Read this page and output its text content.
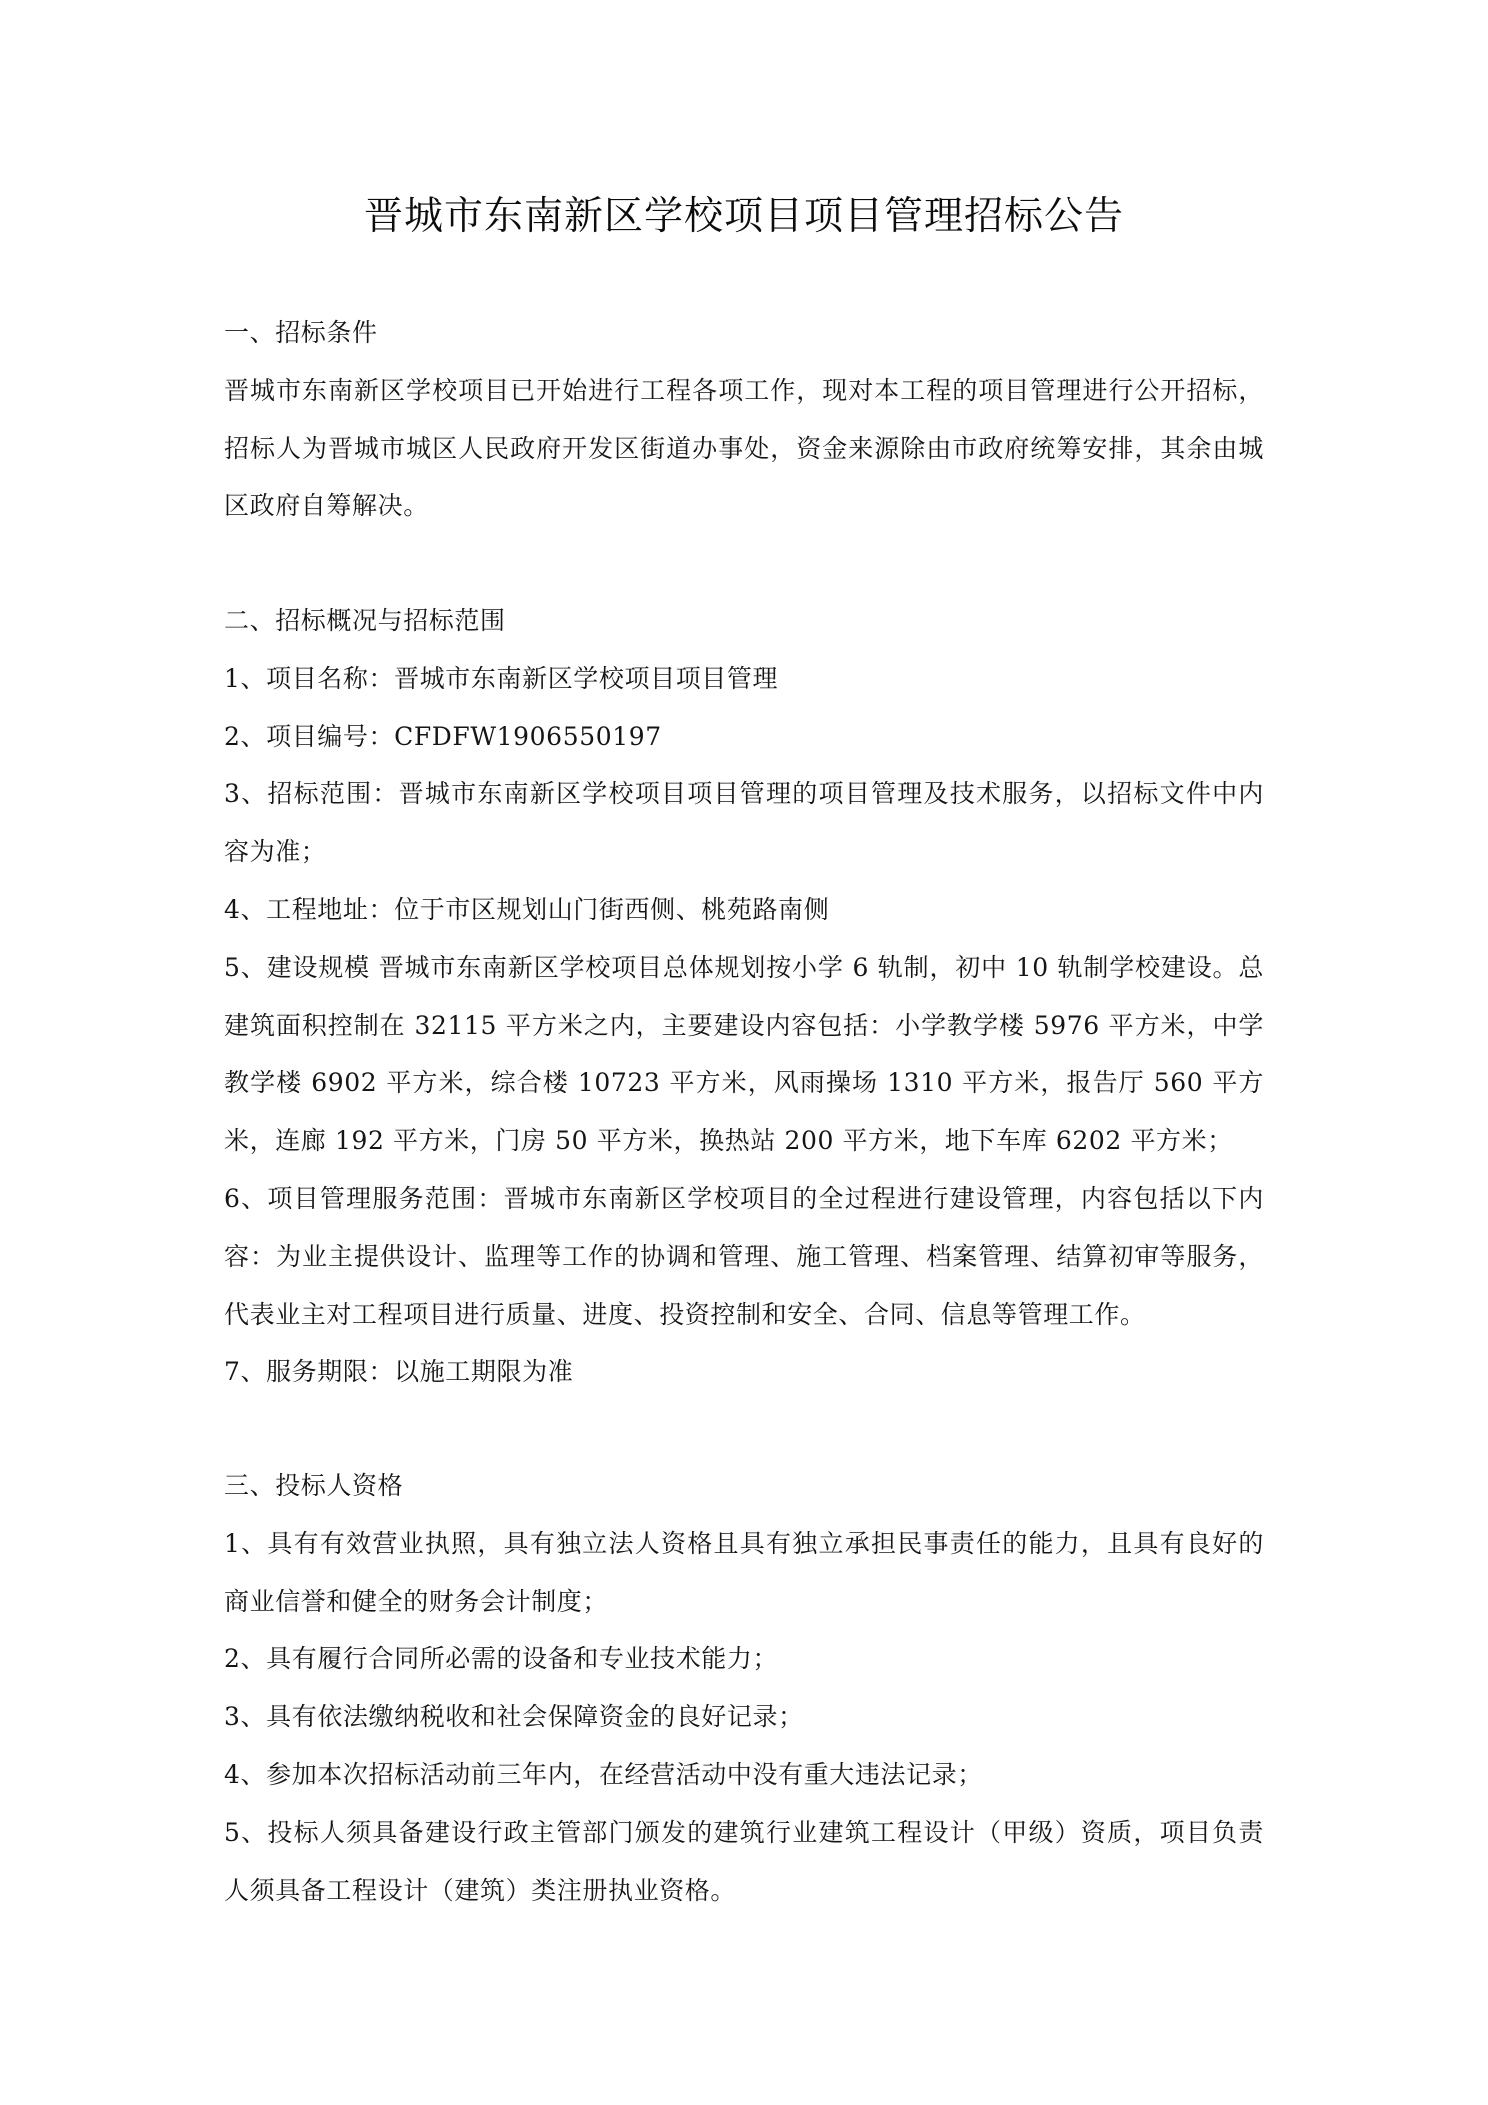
晋城市东南新区学校项目项目管理招标公告
一、招标条件
晋城市东南新区学校项目已开始进行工程各项工作，现对本工程的项目管理进行公开招标，招标人为晋城市城区人民政府开发区街道办事处，资金来源除由市政府统筹安排，其余由城区政府自筹解决。
二、招标概况与招标范围
1、项目名称：晋城市东南新区学校项目项目管理
2、项目编号：CFDFW1906550197
3、招标范围：晋城市东南新区学校项目项目管理的项目管理及技术服务，以招标文件中内容为准；
4、工程地址：位于市区规划山门街西侧、桃苑路南侧
5、建设规模 晋城市东南新区学校项目总体规划按小学 6 轨制，初中 10 轨制学校建设。总建筑面积控制在 32115 平方米之内，主要建设内容包括：小学教学楼 5976 平方米，中学教学楼 6902 平方米，综合楼 10723 平方米，风雨操场 1310 平方米，报告厅 560 平方米，连廊 192 平方米，门房 50 平方米，换热站 200 平方米，地下车库 6202 平方米；
6、项目管理服务范围：晋城市东南新区学校项目的全过程进行建设管理，内容包括以下内容：为业主提供设计、监理等工作的协调和管理、施工管理、档案管理、结算初审等服务，代表业主对工程项目进行质量、进度、投资控制和安全、合同、信息等管理工作。
7、服务期限：以施工期限为准
三、投标人资格
1、具有有效营业执照，具有独立法人资格且具有独立承担民事责任的能力，且具有良好的商业信誉和健全的财务会计制度；
2、具有履行合同所必需的设备和专业技术能力；
3、具有依法缴纳税收和社会保障资金的良好记录；
4、参加本次招标活动前三年内，在经营活动中没有重大违法记录；
5、投标人须具备建设行政主管部门颁发的建筑行业建筑工程设计（甲级）资质，项目负责人须具备工程设计（建筑）类注册执业资格。
